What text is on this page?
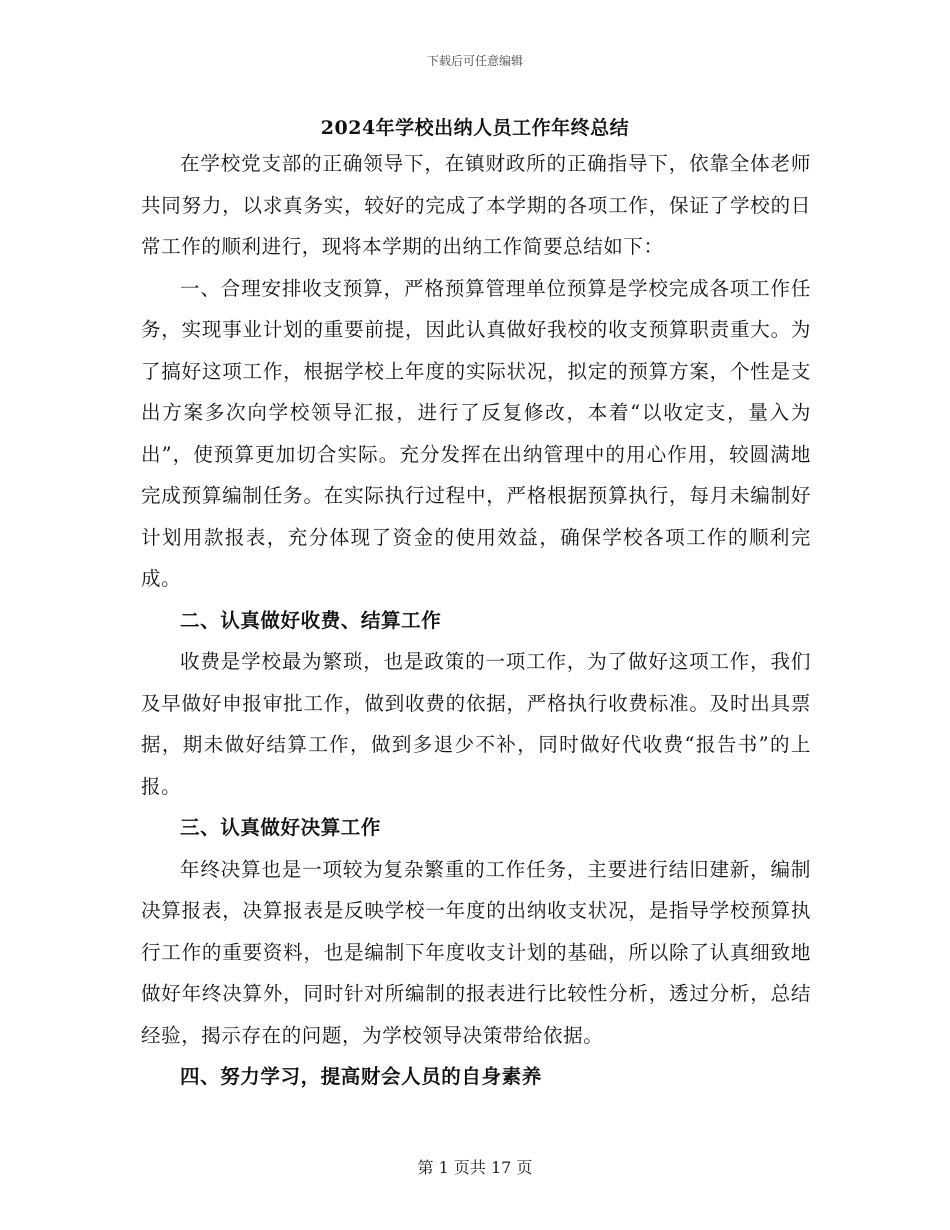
下载后可任意编辑
2024年学校出纳人员工作年终总结

在学校党支部的正确领导下，在镇财政所的正确指导下，依靠全体老师共同努力，以求真务实，较好的完成了本学期的各项工作，保证了学校的日常工作的顺利进行，现将本学期的出纳工作简要总结如下：

一、合理安排收支预算，严格预算管理单位预算是学校完成各项工作任务，实现事业计划的重要前提，因此认真做好我校的收支预算职责重大。为了搞好这项工作，根据学校上年度的实际状况，拟定的预算方案，个性是支出方案多次向学校领导汇报，进行了反复修改，本着“以收定支，量入为出”，使预算更加切合实际。充分发挥在出纳管理中的用心作用，较圆满地完成预算编制任务。在实际执行过程中，严格根据预算执行，每月未编制好计划用款报表，充分体现了资金的使用效益，确保学校各项工作的顺利完成。

二、认真做好收费、结算工作

收费是学校最为繁琐，也是政策的一项工作，为了做好这项工作，我们及早做好申报审批工作，做到收费的依据，严格执行收费标准。及时出具票据，期未做好结算工作，做到多退少不补，同时做好代收费“报告书”的上报。

三、认真做好决算工作

年终决算也是一项较为复杂繁重的工作任务，主要进行结旧建新，编制决算报表，决算报表是反映学校一年度的出纳收支状况，是指导学校预算执行工作的重要资料，也是编制下年度收支计划的基础，所以除了认真细致地做好年终决算外，同时针对所编制的报表进行比较性分析，透过分析，总结经验，揭示存在的问题，为学校领导决策带给依据。

四、努力学习，提高财会人员的自身素养
第 1 页共 17 页
